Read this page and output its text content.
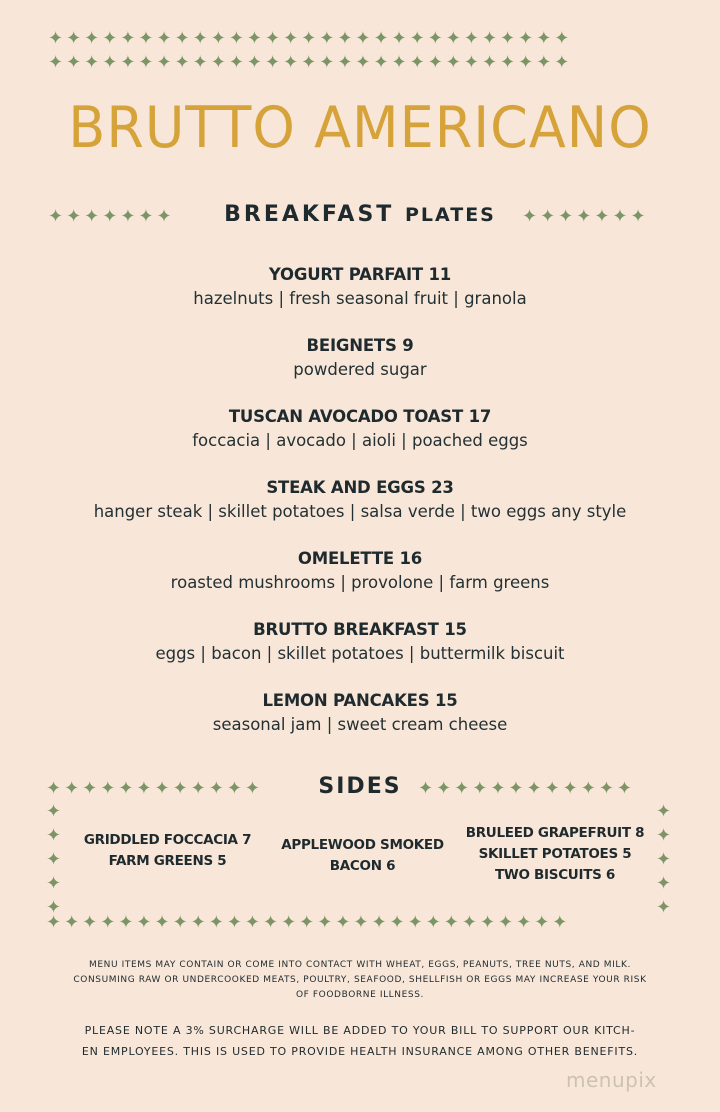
✦✦✦✦✦✦✦✦✦✦✦✦✦✦✦✦✦✦✦✦✦✦✦✦✦✦✦✦✦
✦✦✦✦✦✦✦✦✦✦✦✦✦✦✦✦✦✦✦✦✦✦✦✦✦✦✦✦✦
BRUTTO AMERICANO
✦✦✦✦✦✦✦	BREAKFAST PLATES	✦✦✦✦✦✦✦
YOGURT PARFAIT 11
hazelnuts | fresh seasonal fruit | granola
BEIGNETS 9
powdered sugar
TUSCAN AVOCADO TOAST 17
foccacia | avocado | aioli | poached eggs
STEAK AND EGGS 23
hanger steak | skillet potatoes | salsa verde | two eggs any style
OMELETTE 16
roasted mushrooms | provolone | farm greens
BRUTTO BREAKFAST 15
eggs | bacon | skillet potatoes | buttermilk biscuit
LEMON PANCAKES 15
seasonal jam | sweet cream cheese
✦✦✦✦✦✦✦✦✦✦✦✦	✦✦✦✦✦✦✦✦✦✦✦✦
SIDES
✦ ✦ ✦ ✦ ✦
✦ ✦ ✦ ✦ ✦
✦✦✦✦✦✦✦✦✦✦✦✦✦✦✦✦✦✦✦✦✦✦✦✦✦✦✦✦✦
GRIDDLED FOCCACIA 7
FARM GREENS 5
APPLEWOOD SMOKED
BACON 6
BRULEED GRAPEFRUIT 8
SKILLET POTATOES 5
TWO BISCUITS 6
MENU ITEMS MAY CONTAIN OR COME INTO CONTACT WITH WHEAT, EGGS, PEANUTS, TREE NUTS, AND MILK.
CONSUMING RAW OR UNDERCOOKED MEATS, POULTRY, SEAFOOD, SHELLFISH OR EGGS MAY INCREASE YOUR RISK
OF FOODBORNE ILLNESS.
PLEASE NOTE A 3% SURCHARGE WILL BE ADDED TO YOUR BILL TO SUPPORT OUR KITCH-
EN EMPLOYEES. THIS IS USED TO PROVIDE HEALTH INSURANCE AMONG OTHER BENEFITS.
menupix
